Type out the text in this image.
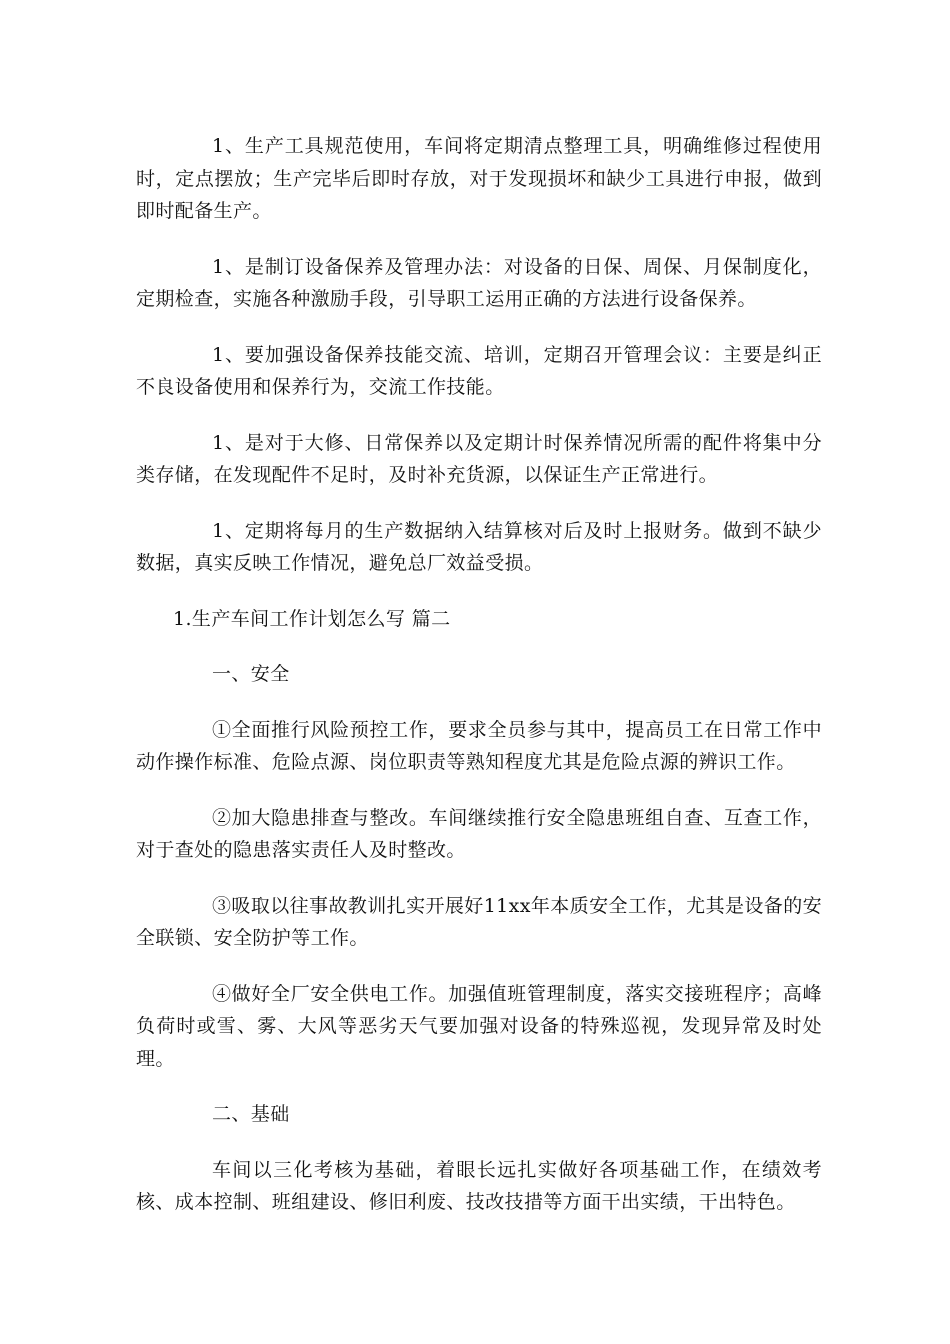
1、生产工具规范使用，车间将定期清点整理工具，明确维修过程使用时，定点摆放；生产完毕后即时存放，对于发现损坏和缺少工具进行申报，做到即时配备生产。

1、是制订设备保养及管理办法：对设备的日保、周保、月保制度化，定期检查，实施各种激励手段，引导职工运用正确的方法进行设备保养。

1、要加强设备保养技能交流、培训，定期召开管理会议：主要是纠正不良设备使用和保养行为，交流工作技能。

1、是对于大修、日常保养以及定期计时保养情况所需的配件将集中分类存储，在发现配件不足时，及时补充货源，以保证生产正常进行。

1、定期将每月的生产数据纳入结算核对后及时上报财务。做到不缺少数据，真实反映工作情况，避免总厂效益受损。

1.生产车间工作计划怎么写 篇二
一、安全

①全面推行风险预控工作，要求全员参与其中，提高员工在日常工作中动作操作标准、危险点源、岗位职责等熟知程度尤其是危险点源的辨识工作。

②加大隐患排查与整改。车间继续推行安全隐患班组自查、互查工作，对于查处的隐患落实责任人及时整改。

③吸取以往事故教训扎实开展好11xx年本质安全工作，尤其是设备的安全联锁、安全防护等工作。

④做好全厂安全供电工作。加强值班管理制度，落实交接班程序；高峰负荷时或雪、雾、大风等恶劣天气要加强对设备的特殊巡视，发现异常及时处理。

二、基础

车间以三化考核为基础，着眼长远扎实做好各项基础工作，在绩效考核、成本控制、班组建设、修旧利废、技改技措等方面干出实绩，干出特色。
